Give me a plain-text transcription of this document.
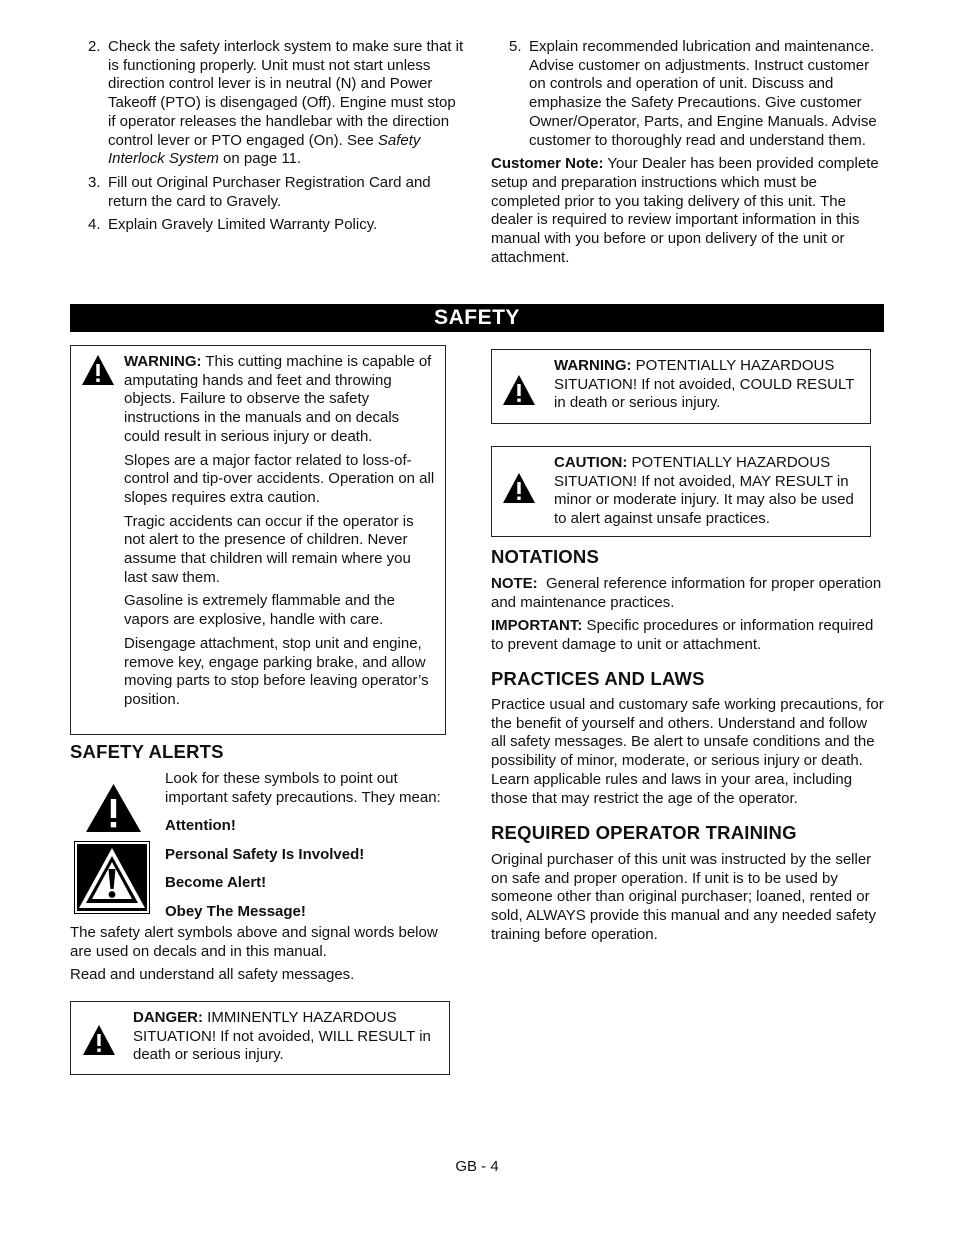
2. Check the safety interlock system to make sure that it is functioning properly. Unit must not start unless direction control lever is in neutral (N) and Power Takeoff (PTO) is disengaged (Off). Engine must stop if operator releases the handlebar with the direction control lever or PTO engaged (On). See Safety Interlock System on page 11.

3. Fill out Original Purchaser Registration Card and return the card to Gravely.

4. Explain Gravely Limited Warranty Policy.

5. Explain recommended lubrication and maintenance. Advise customer on adjustments. Instruct customer on controls and operation of unit. Discuss and emphasize the Safety Precautions. Give customer Owner/Operator, Parts, and Engine Manuals. Advise customer to thoroughly read and understand them.

Customer Note: Your Dealer has been provided complete setup and preparation instructions which must be completed prior to you taking delivery of this unit. The dealer is required to review important information in this manual with you before or upon delivery of the unit or attachment.

SAFETY

WARNING: This cutting machine is capable of amputating hands and feet and throwing objects. Failure to observe the safety instructions in the manuals and on decals could result in serious injury or death.

Slopes are a major factor related to loss-of-control and tip-over accidents. Operation on all slopes requires extra caution.

Tragic accidents can occur if the operator is not alert to the presence of children. Never assume that children will remain where you last saw them.

Gasoline is extremely flammable and the vapors are explosive, handle with care.

Disengage attachment, stop unit and engine, remove key, engage parking brake, and allow moving parts to stop before leaving operator’s position.

SAFETY ALERTS
Look for these symbols to point out important safety precautions. They mean:

Attention!

Personal Safety Is Involved!

Become Alert!

Obey The Message!

The safety alert symbols above and signal words below are used on decals and in this manual.

Read and understand all safety messages.

DANGER: IMMINENTLY HAZARDOUS SITUATION! If not avoided, WILL RESULT in death or serious injury.

WARNING: POTENTIALLY HAZARDOUS SITUATION! If not avoided, COULD RESULT in death or serious injury.

CAUTION: POTENTIALLY HAZARDOUS SITUATION! If not avoided, MAY RESULT in minor or moderate injury. It may also be used to alert against unsafe practices.

NOTATIONS

NOTE:  General reference information for proper operation and maintenance practices.

IMPORTANT: Specific procedures or information required to prevent damage to unit or attachment.

PRACTICES AND LAWS

Practice usual and customary safe working precautions, for the benefit of yourself and others. Understand and follow all safety messages. Be alert to unsafe conditions and the possibility of minor, moderate, or serious injury or death. Learn applicable rules and laws in your area, including those that may restrict the age of the operator.

REQUIRED OPERATOR TRAINING

Original purchaser of this unit was instructed by the seller on safe and proper operation. If unit is to be used by someone other than original purchaser; loaned, rented or sold, ALWAYS provide this manual and any needed safety training before operation.

GB - 4
